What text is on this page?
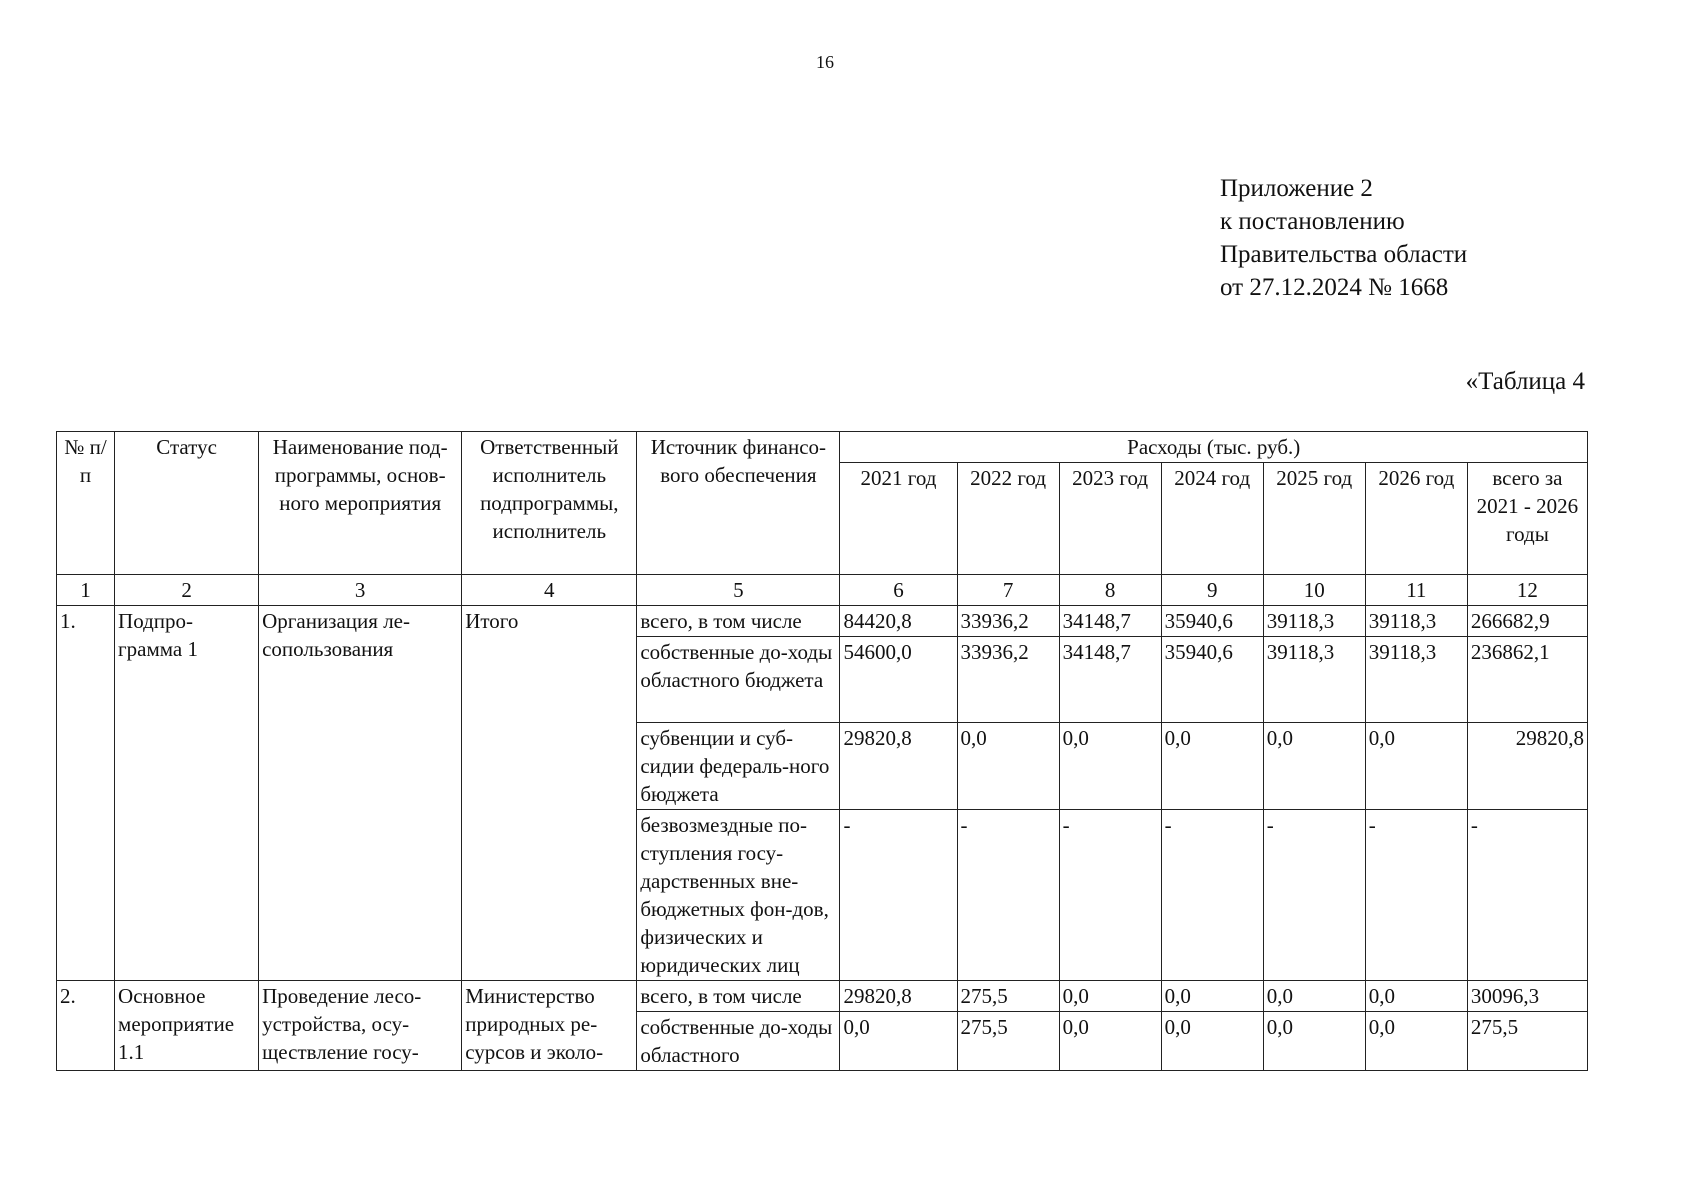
16
Приложение 2
к постановлению
Правительства области
от 27.12.2024 № 1668
«Таблица 4
№ п/п	Статус	Наименование под-программы, основ-ного мероприятия	Ответственный исполнитель подпрограммы, исполнитель	Источник финансо-вого обеспечения	Расходы (тыс. руб.)						
					2021 год	2022 год	2023 год	2024 год	2025 год	2026 год	всего за 2021 - 2026 годы
1	2	3	4	5	6	7	8	9	10	11	12
1.	Подпро-грамма 1	Организация ле-сопользования	Итого	всего, в том числе	84420,8	33936,2	34148,7	35940,6	39118,3	39118,3	266682,9
				собственные до-ходы областного бюджета	54600,0	33936,2	34148,7	35940,6	39118,3	39118,3	236862,1
				субвенции и суб-сидии федераль-ного бюджета	29820,8	0,0	0,0	0,0	0,0	0,0	29820,8
				безвозмездные по-ступления госу-дарственных вне-бюджетных фон-дов, физических и юридических лиц	-	-	-	-	-	-	-
2.	Основное мероприятие 1.1	Проведение лесо-устройства, осу-ществление госу-	Министерство природных ре-сурсов и эколо-	всего, в том числе	29820,8	275,5	0,0	0,0	0,0	0,0	30096,3
				собственные до-ходы областного	0,0	275,5	0,0	0,0	0,0	0,0	275,5
